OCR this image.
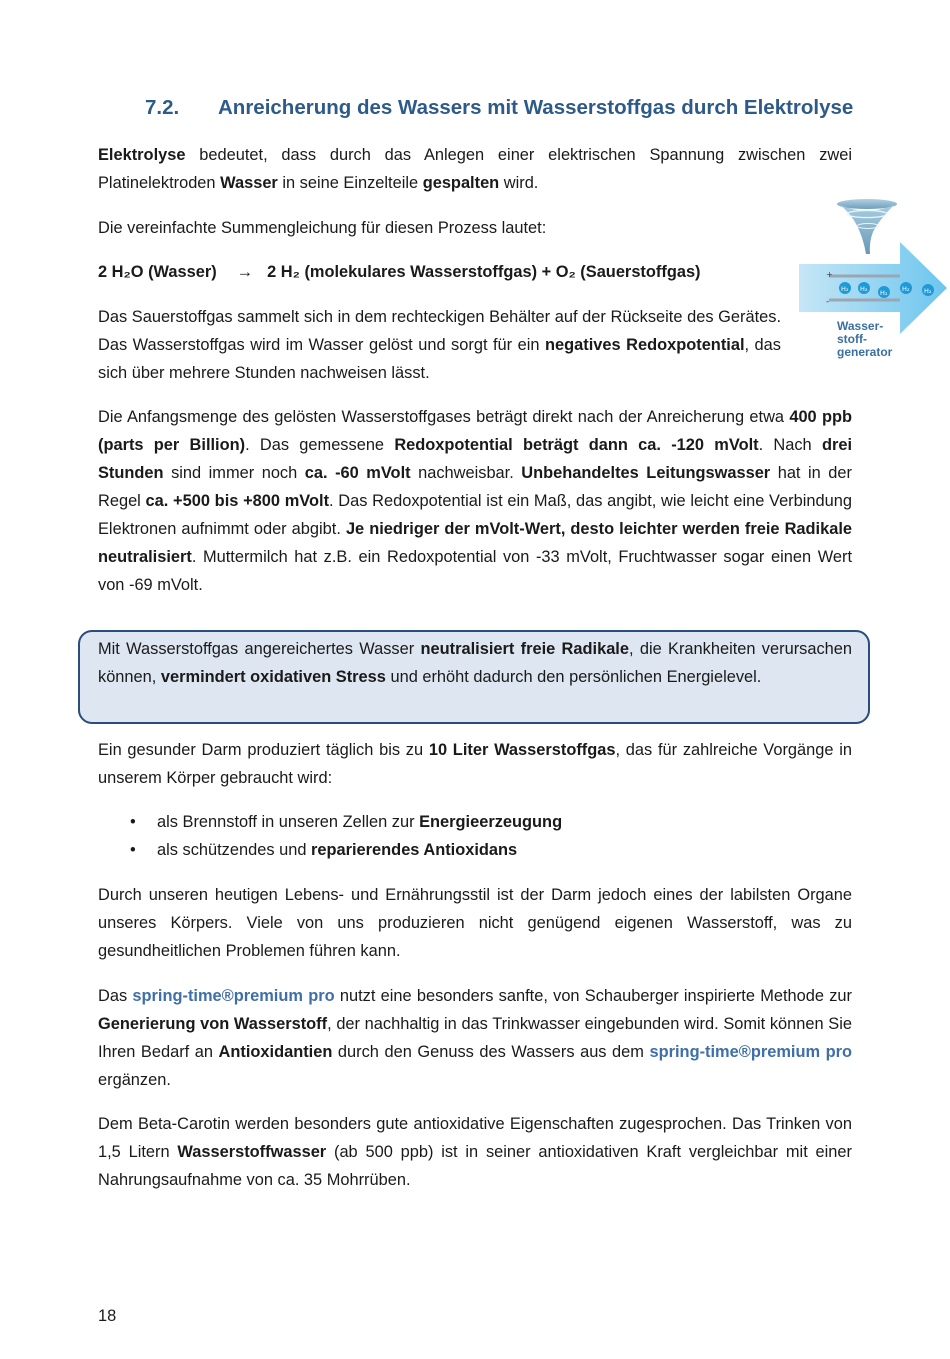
7.2. Anreicherung des Wassers mit Wasserstoffgas durch Elektrolyse

Elektrolyse bedeutet, dass durch das Anlegen einer elektrischen Spannung zwischen zwei Platinelektroden Wasser in seine Einzelteile gespalten wird.

Die vereinfachte Summengleichung für diesen Prozess lautet:

2 H₂O (Wasser) → 2 H₂ (molekulares Wasserstoffgas) + O₂ (Sauerstoffgas)

Das Sauerstoffgas sammelt sich in dem rechteckigen Behälter auf der Rückseite des Gerätes. Das Wasserstoffgas wird im Wasser gelöst und sorgt für ein negatives Redoxpotential, das sich über mehrere Stunden nachweisen lässt.

+
-
H₂ H₂ H₂ H₂ H₂

Wasser-
stoff-
generator

Die Anfangsmenge des gelösten Wasserstoffgases beträgt direkt nach der Anreicherung etwa 400 ppb (parts per Billion). Das gemessene Redoxpotential beträgt dann ca. -120 mVolt. Nach drei Stunden sind immer noch ca. -60 mVolt nachweisbar. Unbehandeltes Leitungswasser hat in der Regel ca. +500 bis +800 mVolt. Das Redoxpotential ist ein Maß, das angibt, wie leicht eine Verbindung Elektronen aufnimmt oder abgibt. Je niedriger der mVolt-Wert, desto leichter werden freie Radikale neutralisiert. Muttermilch hat z.B. ein Redoxpotential von -33 mVolt, Fruchtwasser sogar einen Wert von -69 mVolt.

Mit Wasserstoffgas angereichertes Wasser neutralisiert freie Radikale, die Krankheiten verursachen können, vermindert oxidativen Stress und erhöht dadurch den persönlichen Energielevel.

Ein gesunder Darm produziert täglich bis zu 10 Liter Wasserstoffgas, das für zahlreiche Vorgänge in unserem Körper gebraucht wird:

• als Brennstoff in unseren Zellen zur Energieerzeugung
• als schützendes und reparierendes Antioxidans

Durch unseren heutigen Lebens- und Ernährungsstil ist der Darm jedoch eines der labilsten Organe unseres Körpers. Viele von uns produzieren nicht genügend eigenen Wasserstoff, was zu gesundheitlichen Problemen führen kann.

Das spring-time®premium pro nutzt eine besonders sanfte, von Schauberger inspirierte Methode zur Generierung von Wasserstoff, der nachhaltig in das Trinkwasser eingebunden wird. Somit können Sie Ihren Bedarf an Antioxidantien durch den Genuss des Wassers aus dem spring-time®premium pro ergänzen.

Dem Beta-Carotin werden besonders gute antioxidative Eigenschaften zugesprochen. Das Trinken von 1,5 Litern Wasserstoffwasser (ab 500 ppb) ist in seiner antioxidativen Kraft vergleichbar mit einer Nahrungsaufnahme von ca. 35 Mohrrüben.

18
